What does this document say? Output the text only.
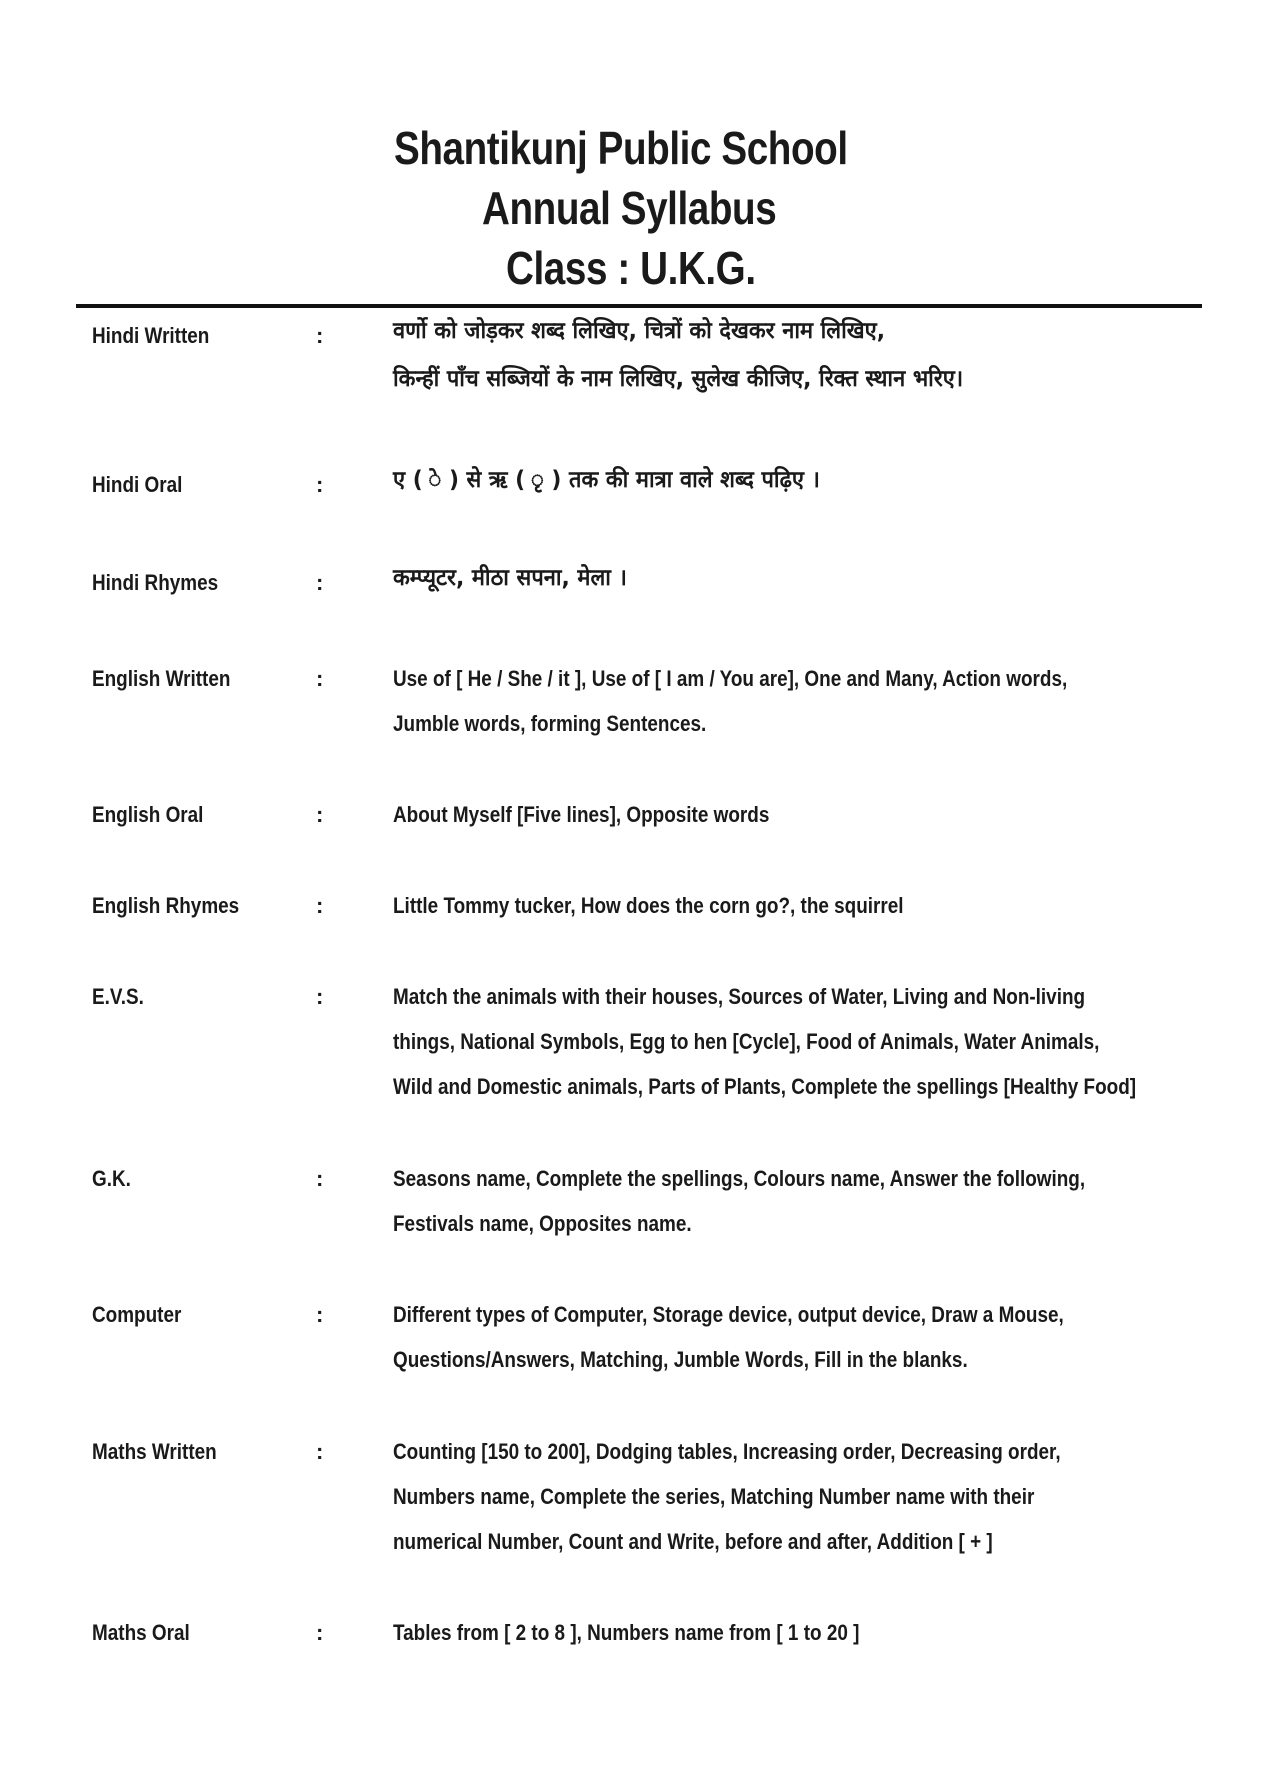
Shantikunj Public School
Annual Syllabus
Class : U.K.G.
Hindi Written	:	वर्णो को जोड़कर शब्द लिखिए, चित्रों को देखकर नाम लिखिए,
किन्हीं पाँच सब्जियों के नाम लिखिए, सुलेख कीजिए, रिक्त स्थान भरिए।
Hindi Oral	:	ए ( े ) से ऋ ( ृ ) तक की मात्रा वाले शब्द पढ़िए ।
Hindi Rhymes	:	कम्प्यूटर, मीठा सपना, मेला ।
English Written	:	Use of [ He / She / it ], Use of [ I am / You are], One and Many, Action words,
Jumble words, forming Sentences.
English Oral	:	About Myself [Five lines], Opposite words
English Rhymes	:	Little Tommy tucker, How does the corn go?, the squirrel
E.V.S.	:	Match the animals with their houses, Sources of Water, Living and Non-living
things, National Symbols, Egg to hen [Cycle], Food of Animals, Water Animals,
Wild and Domestic animals, Parts of Plants, Complete the spellings [Healthy Food]
G.K.	:	Seasons name, Complete the spellings, Colours name, Answer the following,
Festivals name, Opposites name.
Computer	:	Different types of Computer, Storage device, output device, Draw a Mouse,
Questions/Answers, Matching, Jumble Words, Fill in the blanks.
Maths Written	:	Counting [150 to 200], Dodging tables, Increasing order, Decreasing order,
Numbers name, Complete the series, Matching Number name with their
numerical Number, Count and Write, before and after, Addition [ + ]
Maths Oral	:	Tables from [ 2 to 8 ], Numbers name from [ 1 to 20 ]
